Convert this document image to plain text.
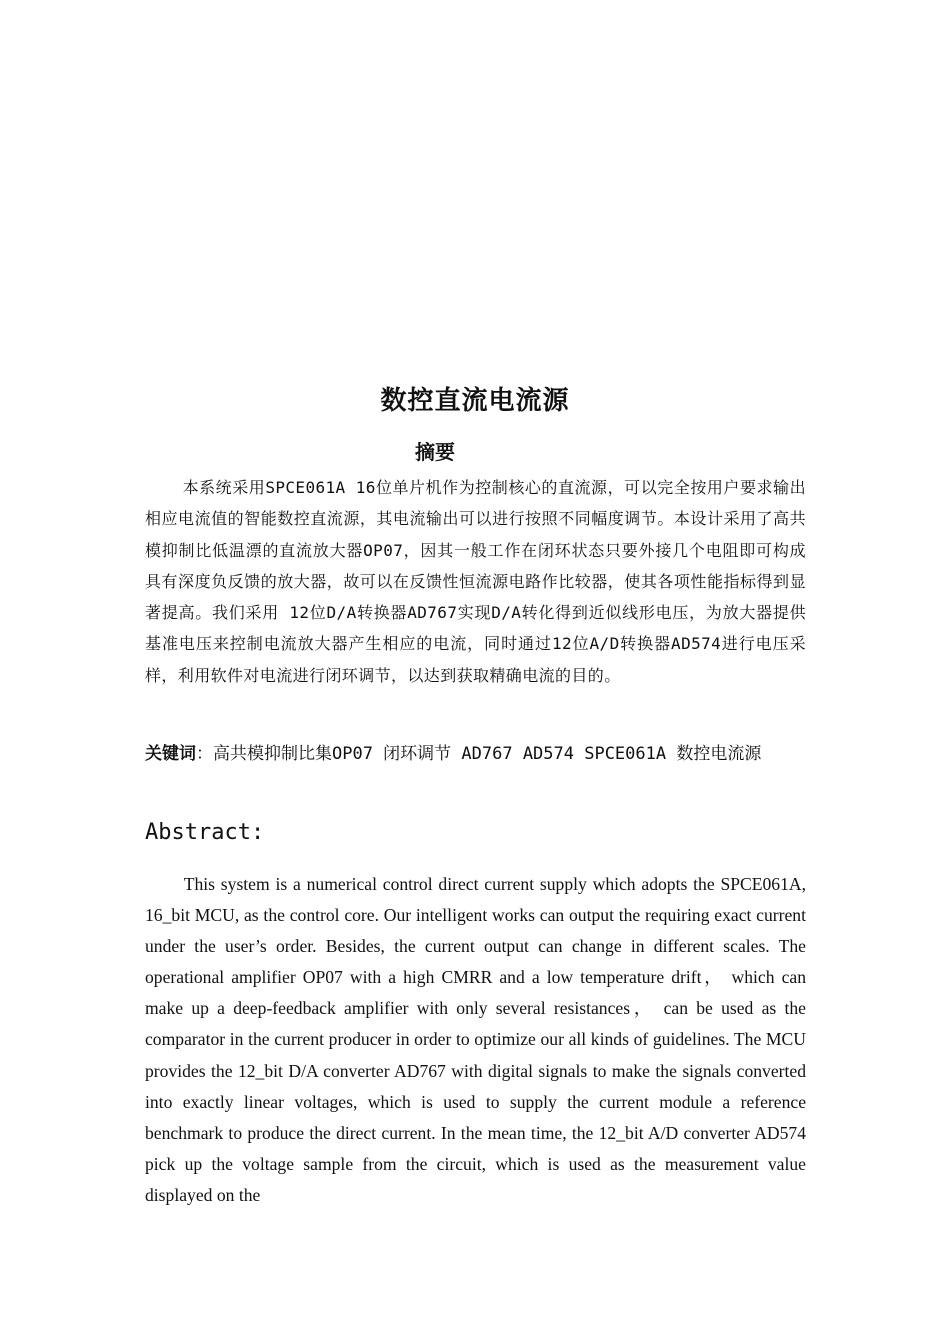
数控直流电流源
摘要

本系统采用SPCE061A 16位单片机作为控制核心的直流源，可以完全按用户要求输出相应电流值的智能数控直流源，其电流输出可以进行按照不同幅度调节。本设计采用了高共模抑制比低温漂的直流放大器OP07，因其一般工作在闭环状态只要外接几个电阻即可构成具有深度负反馈的放大器，故可以在反馈性恒流源电路作比较器，使其各项性能指标得到显著提高。我们采用 12位D/A转换器AD767实现D/A转化得到近似线形电压，为放大器提供基准电压来控制电流放大器产生相应的电流，同时通过12位A/D转换器AD574进行电压采样，利用软件对电流进行闭环调节，以达到获取精确电流的目的。

关键词：高共模抑制比集OP07 闭环调节 AD767 AD574 SPCE061A 数控电流源

Abstract:

This system is a numerical control direct current supply which adopts the SPCE061A, 16_bit MCU, as the control core. Our intelligent works can output the requiring exact current under the user’s order. Besides, the current output can change in different scales. The operational amplifier OP07 with a high CMRR and a low temperature drift， which can make up a deep-feedback amplifier with only several resistances， can be used as the comparator in the current producer in order to optimize our all kinds of guidelines. The MCU provides the 12_bit D/A converter AD767 with digital signals to make the signals converted into exactly linear voltages, which is used to supply the current module a reference benchmark to produce the direct current. In the mean time, the 12_bit A/D converter AD574 pick up the voltage sample from the circuit, which is used as the measurement value displayed on the
